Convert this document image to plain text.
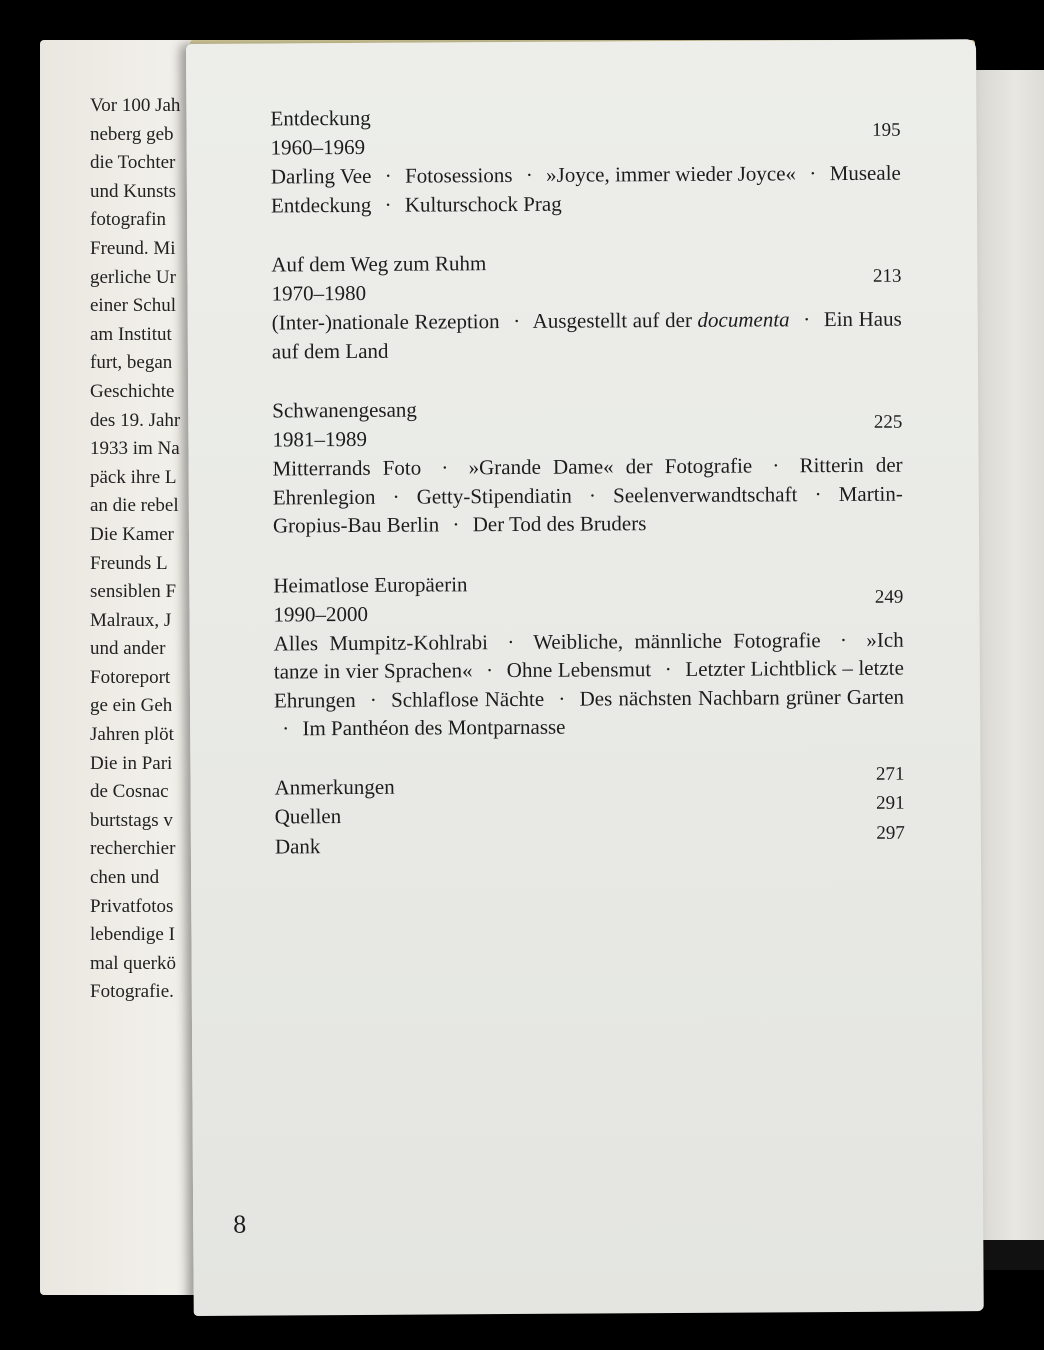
Vor 100 Jah
neberg geb
die Tochter
und Kunsts
fotografin
Freund. Mi
gerliche Ur
einer Schul
am Institut
furt, began
Geschichte
des 19. Jahr
1933 im Na
päck ihre L
an die rebel
Die Kamer
Freunds L
sensiblen F
Malraux, J
und ander
Fotoreport
ge ein Geh
Jahren plöt
Die in Pari
de Cosnac
burtstags v
recherchier
chen und
Privatfotos
lebendige I
mal querkö
Fotografie.
Entdeckung
1960–1969
195
Darling Vee · Fotosessions · »Joyce, immer wieder Joyce« · Museale Entdeckung · Kulturschock Prag
Auf dem Weg zum Ruhm
1970–1980
213
(Inter-)nationale Rezeption · Ausgestellt auf der documenta · Ein Haus auf dem Land
Schwanengesang
1981–1989
225
Mitterrands Foto · »Grande Dame« der Fotografie · Ritterin der Ehrenlegion · Getty-Stipendiatin · Seelenverwandtschaft · Martin-Gropius-Bau Berlin · Der Tod des Bruders
Heimatlose Europäerin
1990–2000
249
Alles Mumpitz-Kohlrabi · Weibliche, männliche Fotografie · »Ich tanze in vier Sprachen« · Ohne Lebensmut · Letzter Lichtblick – letzte Ehrungen · Schlaflose Nächte · Des nächsten Nachbarn grüner Garten · Im Panthéon des Montparnasse
Anmerkungen
271
Quellen
291
Dank
297
8
